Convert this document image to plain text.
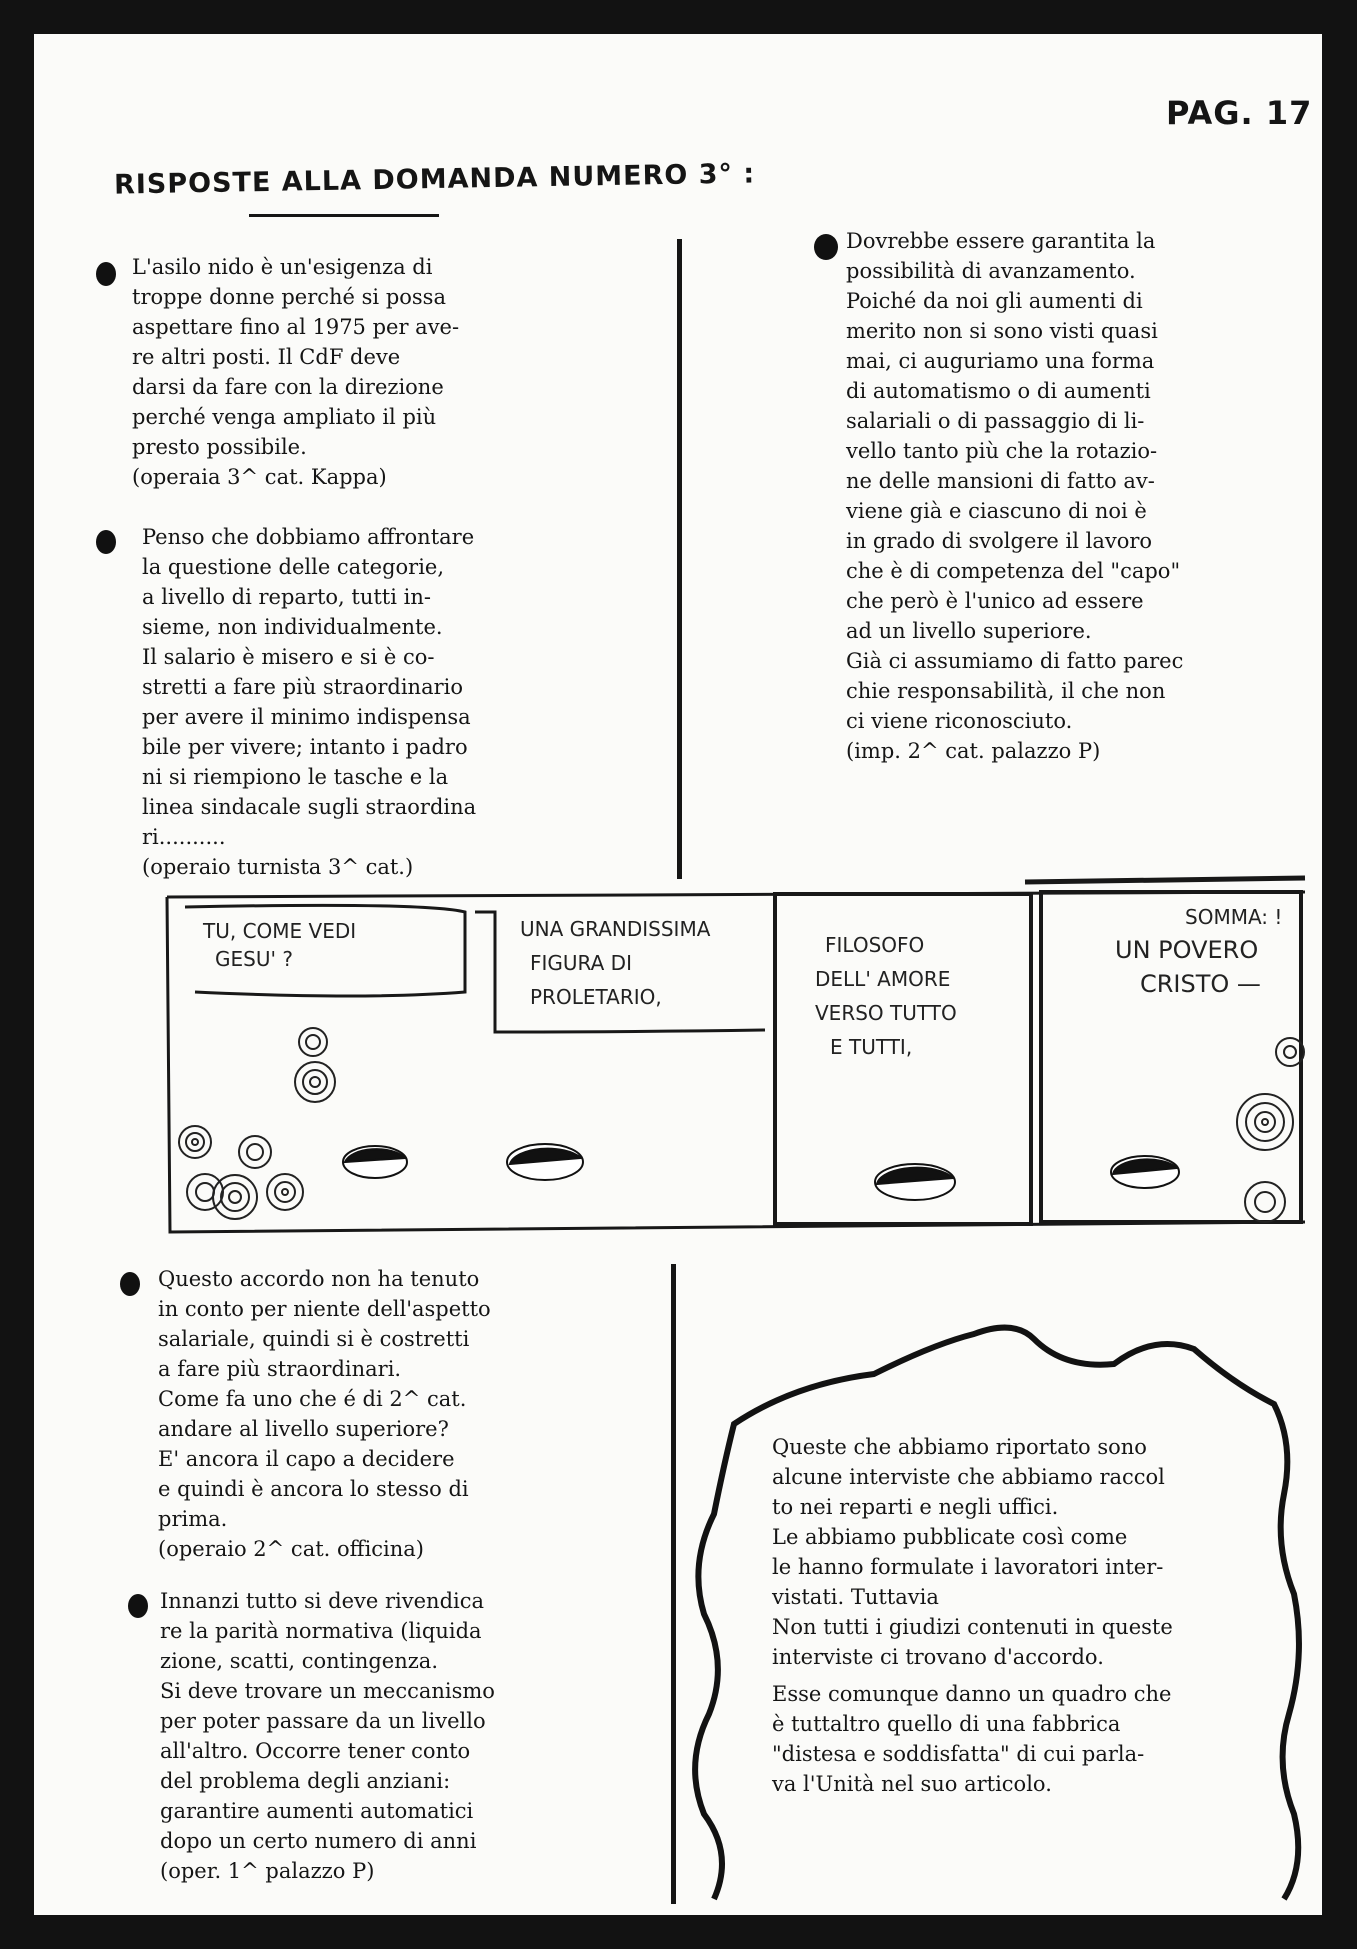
PAG. 17
RISPOSTE ALLA DOMANDA NUMERO 3° :
L'asilo nido è un'esigenza di
troppe donne perché si possa
aspettare fino al 1975 per ave-
re altri posti. Il CdF deve
darsi da fare con la direzione
perché venga ampliato il più
presto possibile.
(operaia 3^ cat. Kappa)
Penso che dobbiamo affrontare
la questione delle categorie,
a livello di reparto, tutti in-
sieme, non individualmente.
Il salario è misero e si è co-
stretti a fare più straordinario
per avere il minimo indispensa
bile per vivere; intanto i padro
ni si riempiono le tasche e la
linea sindacale sugli straordina
ri..........
(operaio turnista 3^ cat.)
Dovrebbe essere garantita la
possibilità di avanzamento.
Poiché da noi gli aumenti di
merito non si sono visti quasi
mai, ci auguriamo una forma
di automatismo o di aumenti
salariali o di passaggio di li-
vello tanto più che la rotazio-
ne delle mansioni di fatto av-
viene già e ciascuno di noi è
in grado di svolgere il lavoro
che è di competenza del "capo"
che però è l'unico ad essere
ad un livello superiore.
Già ci assumiamo di fatto parec
chie responsabilità, il che non
ci viene riconosciuto.
(imp. 2^ cat. palazzo P)
TU, COME VEDI
GESU' ?
UNA GRANDISSIMA
FIGURA DI
PROLETARIO,
FILOSOFO
DELL' AMORE
VERSO TUTTO
E TUTTI,
SOMMA: !
UN POVERO
CRISTO —
Questo accordo non ha tenuto
in conto per niente dell'aspetto
salariale, quindi si è costretti
a fare più straordinari.
Come fa uno che é di 2^ cat.
andare al livello superiore?
E' ancora il capo a decidere
e quindi è ancora lo stesso di
prima.
(operaio 2^ cat. officina)
Innanzi tutto si deve rivendica
re la parità normativa (liquida
zione, scatti, contingenza.
Si deve trovare un meccanismo
per poter passare da un livello
all'altro. Occorre tener conto
del problema degli anziani:
garantire aumenti automatici
dopo un certo numero di anni
(oper. 1^ palazzo P)
Queste che abbiamo riportato sono
alcune interviste che abbiamo raccol
to nei reparti e negli uffici.
Le abbiamo pubblicate così come
le hanno formulate i lavoratori inter-
vistati. Tuttavia
Non tutti i giudizi contenuti in queste
interviste ci trovano d'accordo.
Esse comunque danno un quadro che
è tuttaltro quello di una fabbrica
"distesa e soddisfatta" di cui parla-
va l'Unità nel suo articolo.
